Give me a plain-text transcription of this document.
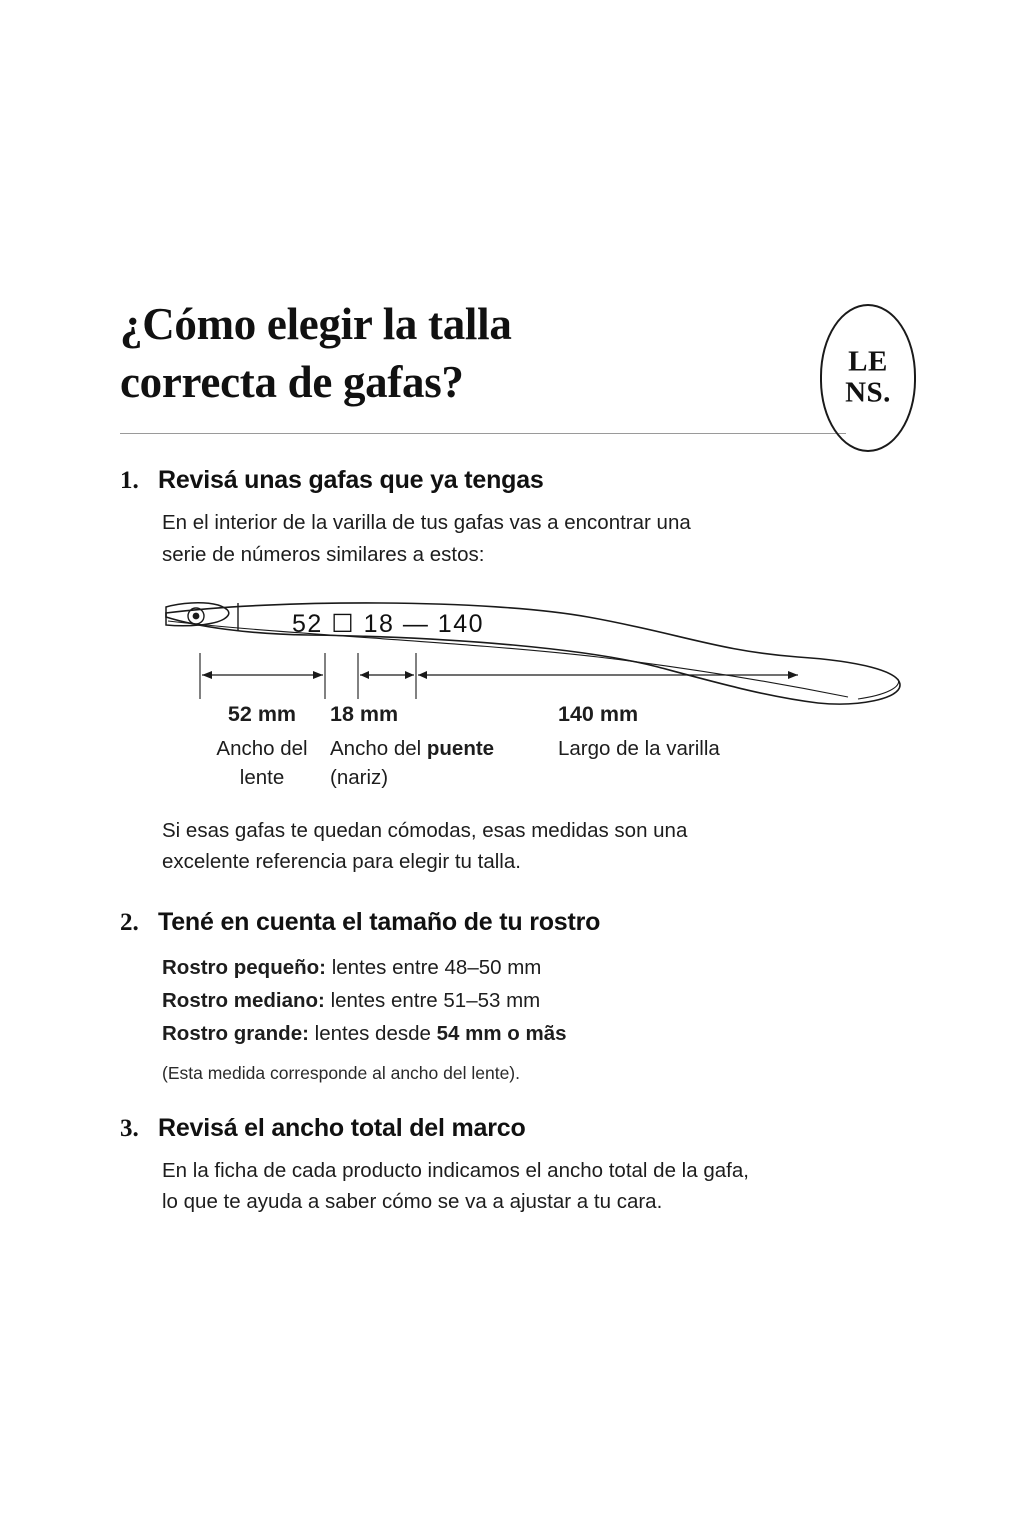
¿Cómo elegir la talla
correcta de gafas?	LE
NS.
1. Revisá unas gafas que ya tengas

En el interior de la varilla de tus gafas vas a encontrar una

serie de números similares a estos:

52 ☐ 18 — 140
52 mm
Ancho del
lente
18 mm
Ancho del puente
(nariz)
140 mm
Largo de la varilla

Si esas gafas te quedan cómodas, esas medidas son una

excelente referencia para elegir tu talla.

2. Tené en cuenta el tamaño de tu rostro
Rostro pequeño: lentes entre 48–50 mm
Rostro mediano: lentes entre 51–53 mm
Rostro grande: lentes desde 54 mm o mãs
(Esta medida corresponde al ancho del lente).
3. Revisá el ancho total del marco

En la ficha de cada producto indicamos el ancho total de la gafa,

lo que te ayuda a saber cómo se va a ajustar a tu cara.
